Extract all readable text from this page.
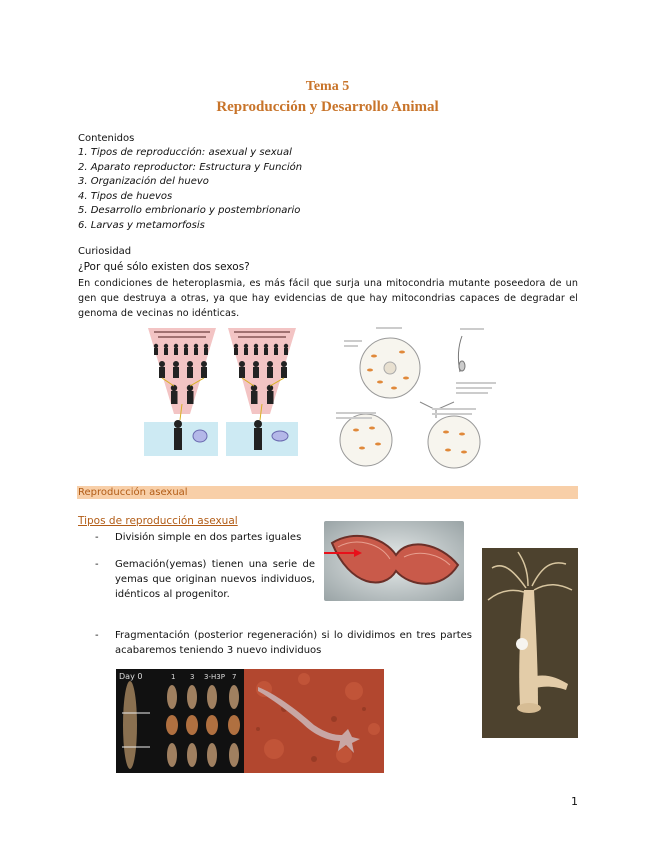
Tema 5
Reproducción y Desarrollo Animal
Contenidos
1. Tipos de reproducción: asexual y sexual
2. Aparato reproductor: Estructura y Función
3. Organización del huevo
4. Tipos de huevos
5. Desarrollo embrionario y postembrionario
6. Larvas y metamorfosis
Curiosidad
¿Por qué sólo existen dos sexos?
En condiciones de heteroplasmia, es más fácil que surja una mitocondria mutante poseedora de un gen que destruya a otras, ya que hay evidencias de que hay mitocondrias capaces de degradar el genoma de vecinas no idénticas.
Reproducción asexual
Tipos de reproducción asexual
- División simple en dos partes iguales
- Gemación(yemas) tienen una serie de yemas que originan nuevos individuos, idénticos al progenitor.
- Fragmentación (posterior regeneración) si lo dividimos en tres partes acabaremos teniendo 3 nuevo individuos
Day 0	1 3 3-H3P 7
1
